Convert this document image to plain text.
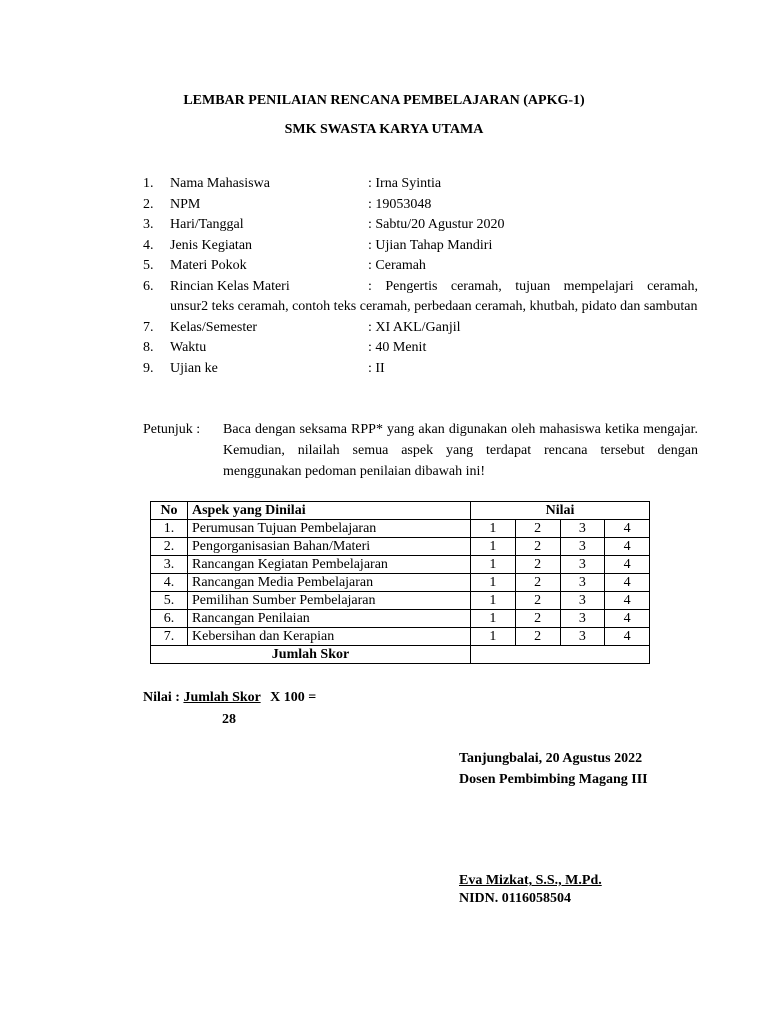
LEMBAR PENILAIAN RENCANA PEMBELAJARAN (APKG-1)
SMK SWASTA KARYA UTAMA
1.	Nama Mahasiswa	: Irna Syintia
2.	NPM	: 19053048
3.	Hari/Tanggal	: Sabtu/20 Agustur 2020
4.	Jenis Kegiatan	: Ujian Tahap Mandiri
5.	Materi Pokok	: Ceramah
6.	Rincian Kelas Materi	: Pengertis ceramah, tujuan mempelajari ceramah,
unsur2 teks ceramah, contoh teks ceramah, perbedaan ceramah, khutbah, pidato dan sambutan
7.	Kelas/Semester	: XI AKL/Ganjil
8.	Waktu	: 40 Menit
9.	Ujian ke	: II
Petunjuk :	Baca dengan seksama RPP* yang akan digunakan oleh mahasiswa ketika mengajar. Kemudian, nilailah semua aspek yang terdapat rencana tersebut dengan menggunakan pedoman penilaian dibawah ini!
No	Aspek yang Dinilai	Nilai			
1.	Perumusan Tujuan Pembelajaran	1	2	3	4
2.	Pengorganisasian Bahan/Materi	1	2	3	4
3.	Rancangan Kegiatan Pembelajaran	1	2	3	4
4.	Rancangan Media Pembelajaran	1	2	3	4
5.	Pemilihan Sumber Pembelajaran	1	2	3	4
6.	Rancangan Penilaian	1	2	3	4
7.	Kebersihan dan Kerapian	1	2	3	4
Jumlah Skor					
Nilai : Jumlah Skor X 100 =
28
Tanjungbalai, 20 Agustus 2022
Dosen Pembimbing Magang III
Eva Mizkat, S.S., M.Pd.
NIDN. 0116058504
